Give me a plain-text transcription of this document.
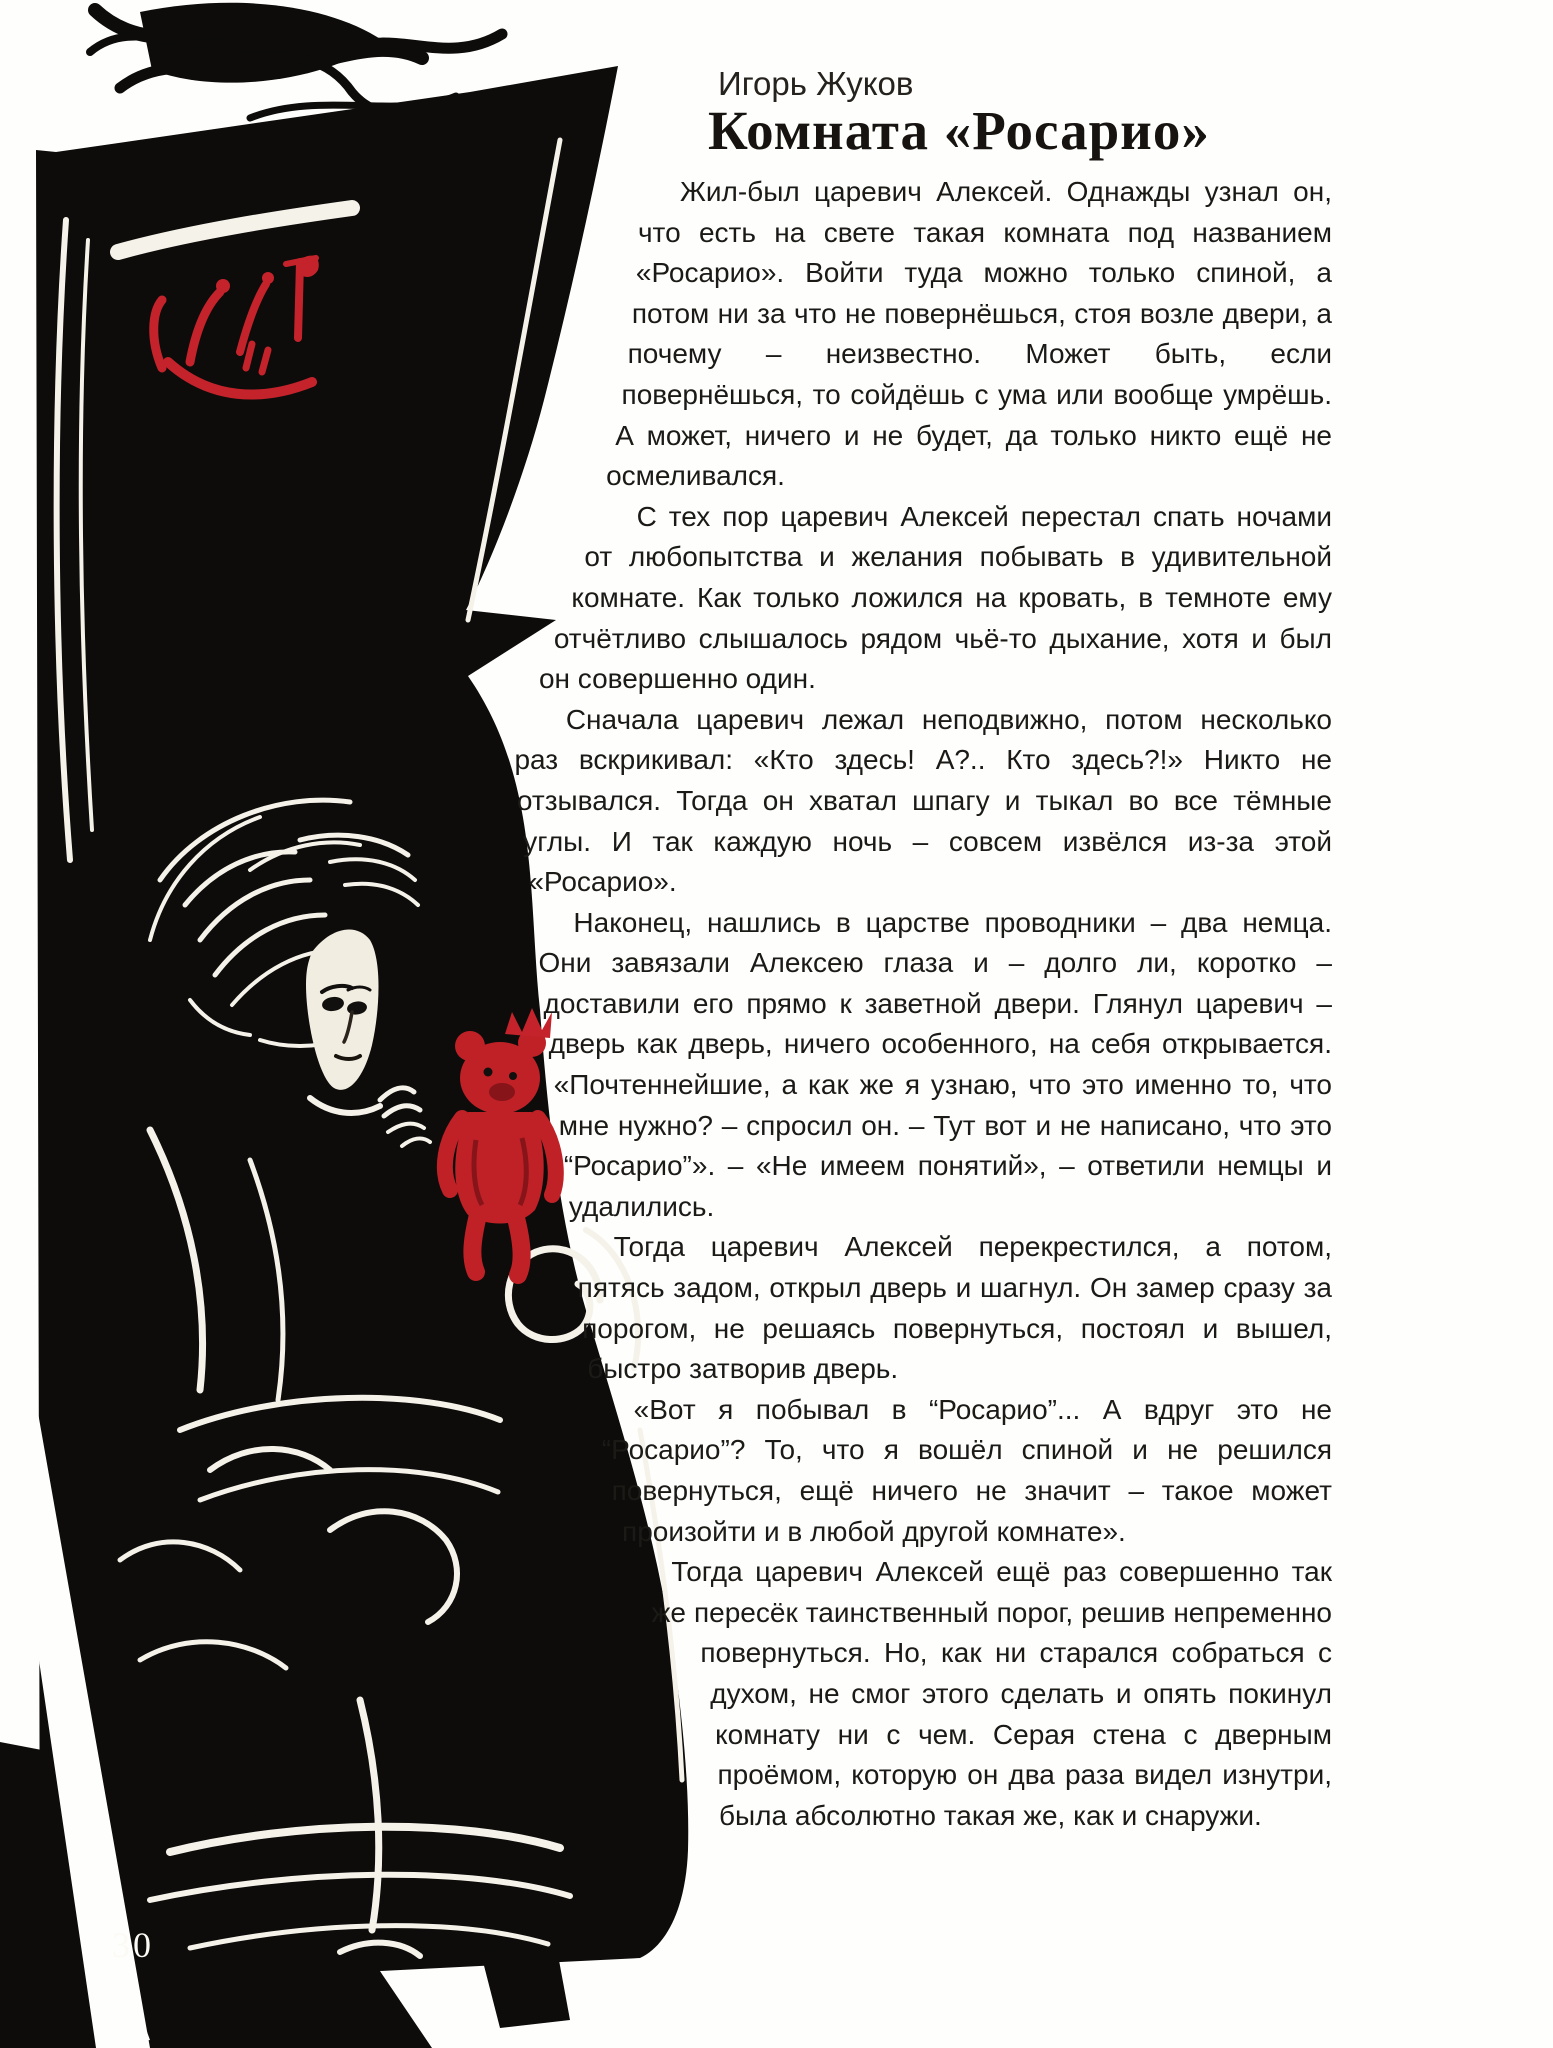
Игорь Жуков
Комната «Росарио»

Жил-был царевич Алексей. Однажды узнал он, что есть на свете такая комната под названием «Росарио». Войти туда можно только спиной, а потом ни за что не повернёшься, стоя возле двери, а почему – неизвестно. Может быть, если повернёшься, то сойдёшь с ума или вообще умрёшь. А может, ничего и не будет, да только никто ещё не осмеливался.

С тех пор царевич Алексей перестал спать ночами от любопытства и желания побывать в удивительной комнате. Как только ложился на кровать, в темноте ему отчётливо слышалось рядом чьё-то дыхание, хотя и был он совершенно один.

Сначала царевич лежал неподвижно, потом несколько раз вскрикивал: «Кто здесь! А?.. Кто здесь?!» Никто не отзывался. Тогда он хватал шпагу и тыкал во все тёмные углы. И так каждую ночь – совсем извёлся из-за этой «Росарио».

Наконец, нашлись в царстве проводники – два немца. Они завязали Алексею глаза и – долго ли, коротко – доставили его прямо к заветной двери. Глянул царевич – дверь как дверь, ничего особенного, на себя открывается. «Почтеннейшие, а как же я узнаю, что это именно то, что мне нужно? – спросил он. – Тут вот и не написано, что это “Росарио”». – «Не имеем понятий», – ответили немцы и удалились.

Тогда царевич Алексей перекрестился, а потом, пятясь задом, открыл дверь и шагнул. Он замер сразу за порогом, не решаясь повернуться, постоял и вышел, быстро затворив дверь.

«Вот я побывал в “Росарио”... А вдруг это не “Росарио”? То, что я вошёл спиной и не решился повернуться, ещё ничего не значит – такое может произойти и в любой другой комнате».

Тогда царевич Алексей ещё раз совершенно так же пересёк таинственный порог, решив непременно повернуться. Но, как ни старался собраться с духом, не смог этого сделать и опять покинул комнату ни с чем. Серая стена с дверным проёмом, которую он два раза видел изнутри, была абсолютно такая же, как и снаружи.

30
